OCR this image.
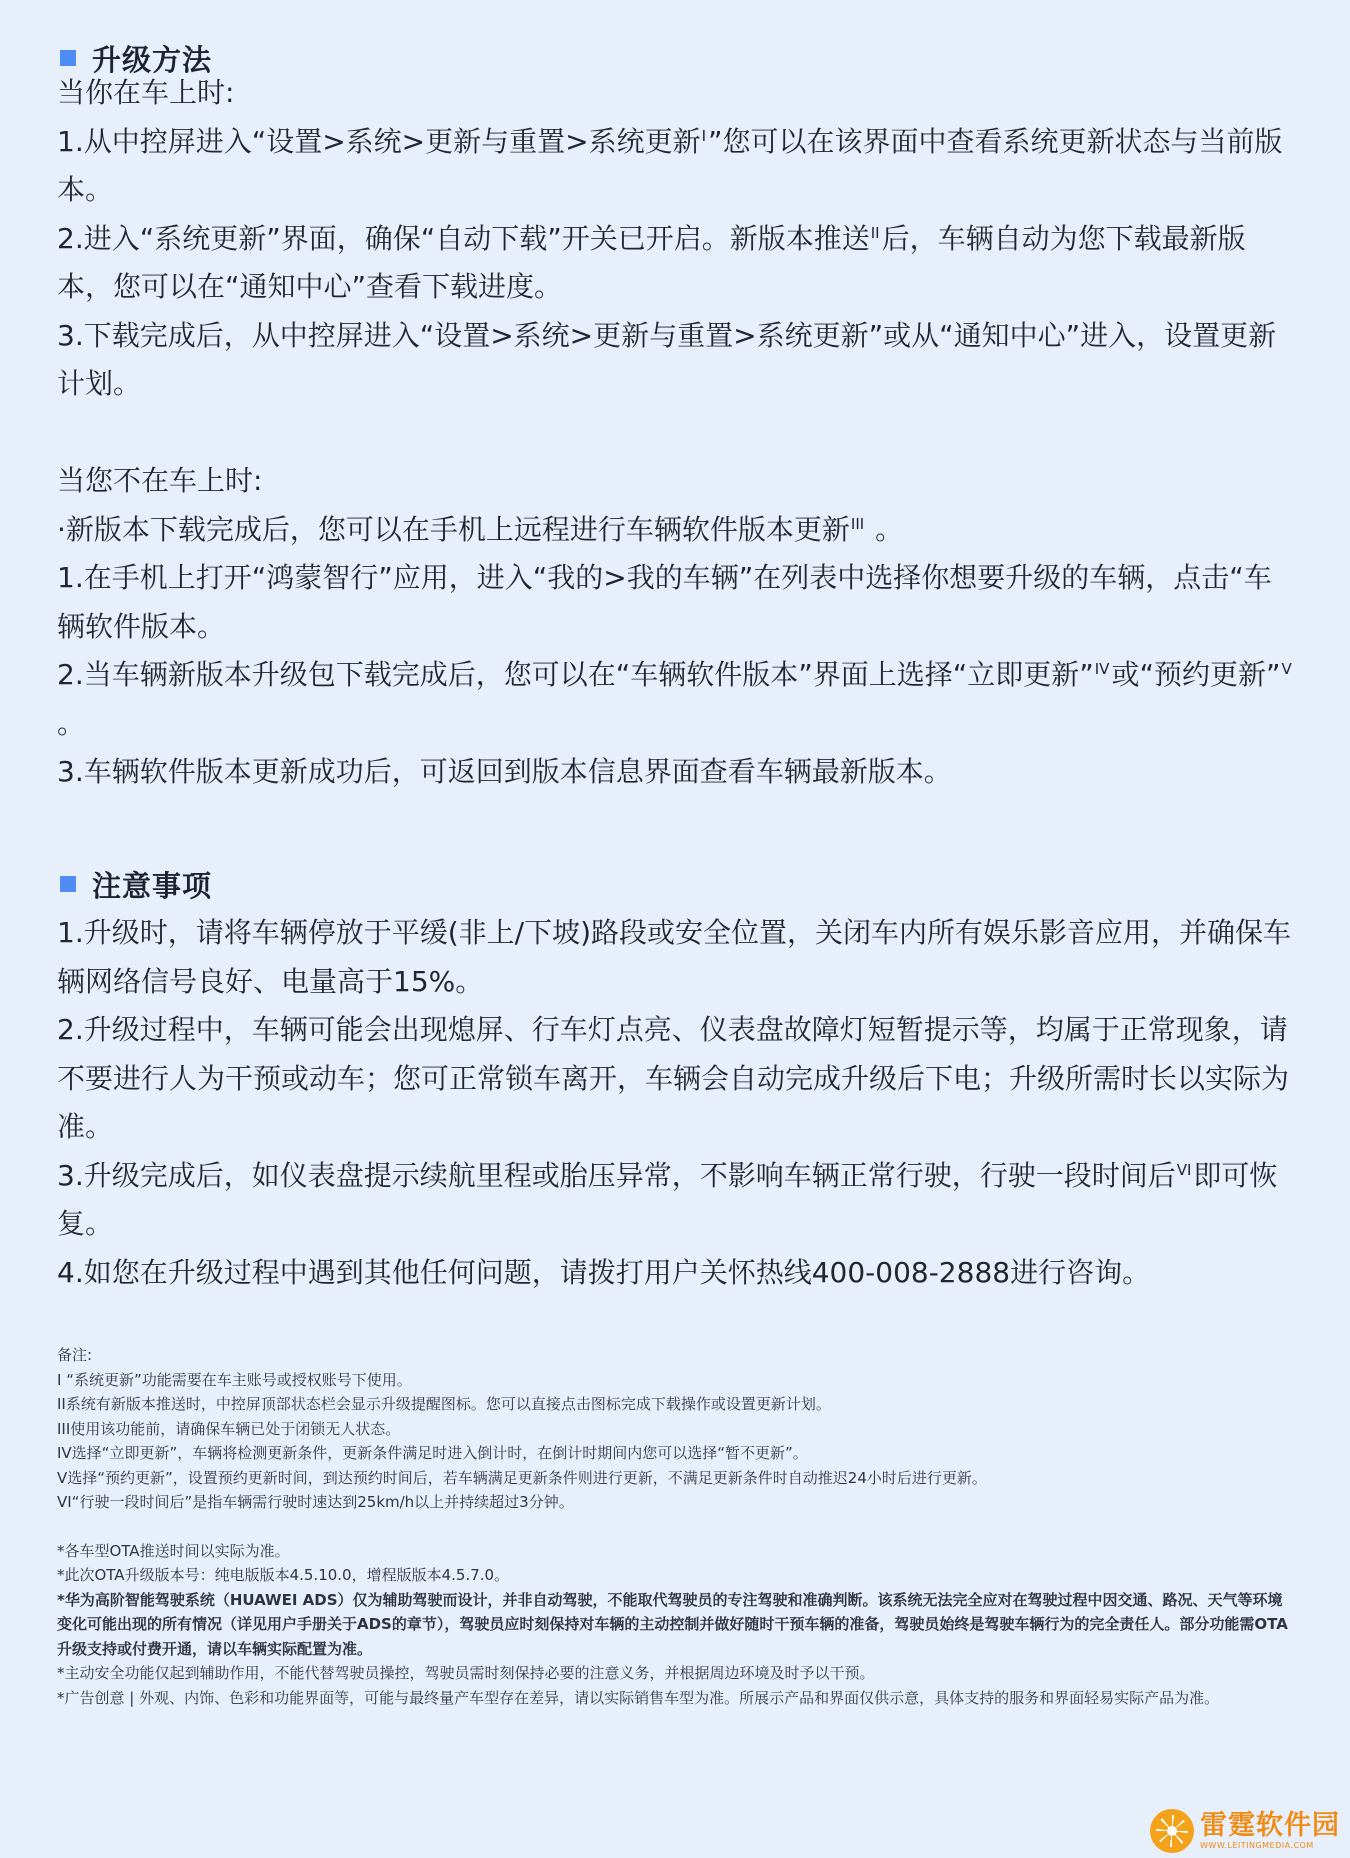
升级方法

当你在车上时:

1.从中控屏进入“设置>系统>更新与重置>系统更新$^I$”您可以在该界面中查看系统更新状态与当前版本。

2.进入“系统更新”界面，确保“自动下载”开关已开启。新版本推送$^{II}$后，车辆自动为您下载最新版本，您可以在“通知中心”查看下载进度。

3.下载完成后，从中控屏进入“设置>系统>更新与重置>系统更新”或从“通知中心”进入，设置更新计划。

当您不在车上时:

·新版本下载完成后，您可以在手机上远程进行车辆软件版本更新$^{III}$ 。

1.在手机上打开“鸿蒙智行”应用，进入“我的>我的车辆”在列表中选择你想要升级的车辆，点击“车辆软件版本。

2.当车辆新版本升级包下载完成后，您可以在“车辆软件版本”界面上选择“立即更新”$^{IV}$或“预约更新”$^V$ 。

3.车辆软件版本更新成功后，可返回到版本信息界面查看车辆最新版本。

注意事项

1.升级时，请将车辆停放于平缓(非上/下坡)路段或安全位置，关闭车内所有娱乐影音应用，并确保车辆网络信号良好、电量高于15%。

2.升级过程中，车辆可能会出现熄屏、行车灯点亮、仪表盘故障灯短暂提示等，均属于正常现象，请不要进行人为干预或动车；您可正常锁车离开，车辆会自动完成升级后下电；升级所需时长以实际为准。

3.升级完成后，如仪表盘提示续航里程或胎压异常，不影响车辆正常行驶，行驶一段时间后$^{VI}$即可恢复。

4.如您在升级过程中遇到其他任何问题，请拨打用户关怀热线400-008-2888进行咨询。

备注:

I “系统更新”功能需要在车主账号或授权账号下使用。

II系统有新版本推送时，中控屏顶部状态栏会显示升级提醒图标。您可以直接点击图标完成下载操作或设置更新计划。

III使用该功能前，请确保车辆已处于闭锁无人状态。

IV选择“立即更新”，车辆将检测更新条件，更新条件满足时进入倒计时，在倒计时期间内您可以选择“暂不更新”。

V选择“预约更新”，设置预约更新时间，到达预约时间后，若车辆满足更新条件则进行更新，不满足更新条件时自动推迟24小时后进行更新。

VI“行驶一段时间后”是指车辆需行驶时速达到25km/h以上并持续超过3分钟。

*各车型OTA推送时间以实际为准。

*此次OTA升级版本号：纯电版版本4.5.10.0，增程版版本4.5.7.0。

*华为高阶智能驾驶系统（HUAWEI ADS）仅为辅助驾驶而设计，并非自动驾驶，不能取代驾驶员的专注驾驶和准确判断。该系统无法完全应对在驾驶过程中因交通、路况、天气等环境变化可能出现的所有情况（详见用户手册关于ADS的章节），驾驶员应时刻保持对车辆的主动控制并做好随时干预车辆的准备，驾驶员始终是驾驶车辆行为的完全责任人。部分功能需OTA升级支持或付费开通，请以车辆实际配置为准。

*主动安全功能仅起到辅助作用，不能代替驾驶员操控，驾驶员需时刻保持必要的注意义务，并根据周边环境及时予以干预。

*广告创意 | 外观、内饰、色彩和功能界面等，可能与最终量产车型存在差异，请以实际销售车型为准。所展示产品和界面仅供示意，具体支持的服务和界面轻易实际产品为准。

雷霆软件园
WWW.LEITINGMEDIA.COM
